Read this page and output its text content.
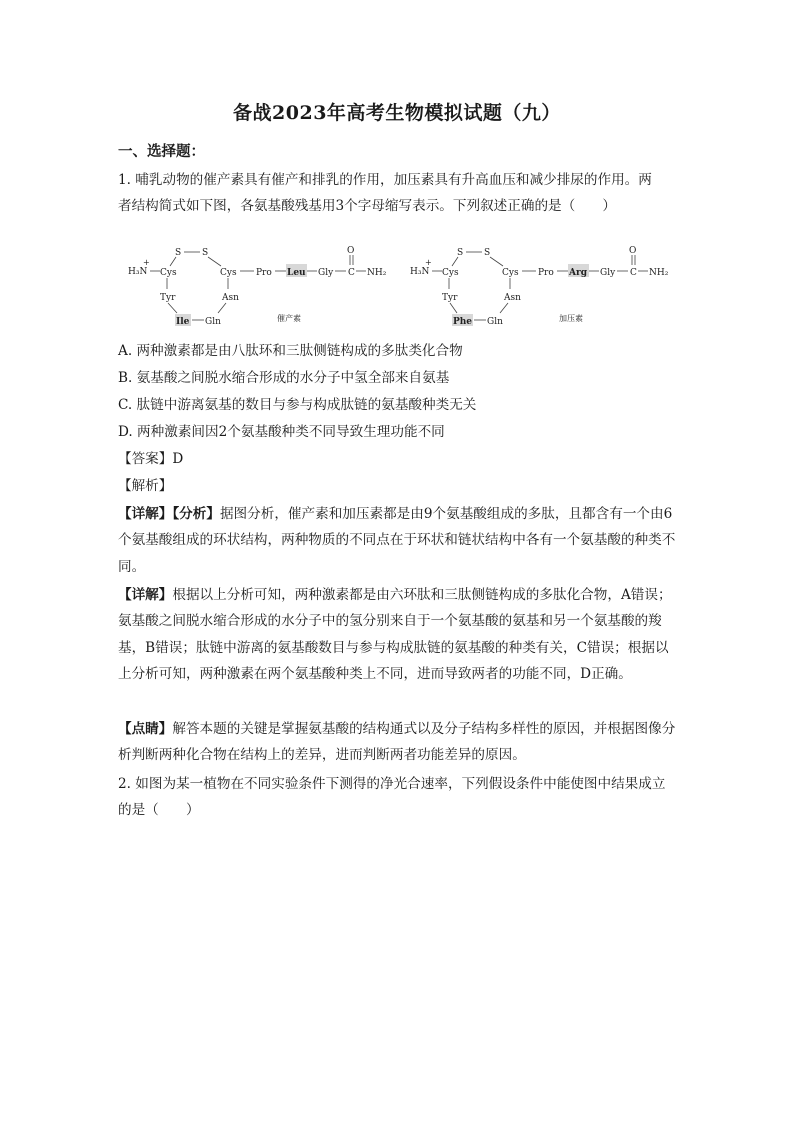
备战2023年高考生物模拟试题（九）
一、选择题：
1. 哺乳动物的催产素具有催产和排乳的作用，加压素具有升高血压和减少排尿的作用。两
者结构简式如下图，各氨基酸残基用3个字母缩写表示。下列叙述正确的是（　　）
H₃N
+
Cys
S S
Cys Pro Leu Gly C
O
NH₂
Tyr
Ile Gln
Asn
催产素
H₃N
+
Cys
S S
Cys Pro Arg Gly C
O
NH₂
Tyr
Phe Gln
Asn
加压素
A. 两种激素都是由八肽环和三肽侧链构成的多肽类化合物
B. 氨基酸之间脱水缩合形成的水分子中氢全部来自氨基
C. 肽链中游离氨基的数目与参与构成肽链的氨基酸种类无关
D. 两种激素间因2个氨基酸种类不同导致生理功能不同
【答案】D
【解析】
【详解】【分析】据图分析，催产素和加压素都是由9个氨基酸组成的多肽，且都含有一个由6个氨基酸组成的环状结构，两种物质的不同点在于环状和链状结构中各有一个氨基酸的种类不同。
【详解】根据以上分析可知，两种激素都是由六环肽和三肽侧链构成的多肽化合物，A错误；氨基酸之间脱水缩合形成的水分子中的氢分别来自于一个氨基酸的氨基和另一个氨基酸的羧基，B错误；肽链中游离的氨基酸数目与参与构成肽链的氨基酸的种类有关，C错误；根据以上分析可知，两种激素在两个氨基酸种类上不同，进而导致两者的功能不同，D正确。
【点睛】解答本题的关键是掌握氨基酸的结构通式以及分子结构多样性的原因，并根据图像分析判断两种化合物在结构上的差异，进而判断两者功能差异的原因。
2. 如图为某一植物在不同实验条件下测得的净光合速率，下列假设条件中能使图中结果成立的是（　　）
